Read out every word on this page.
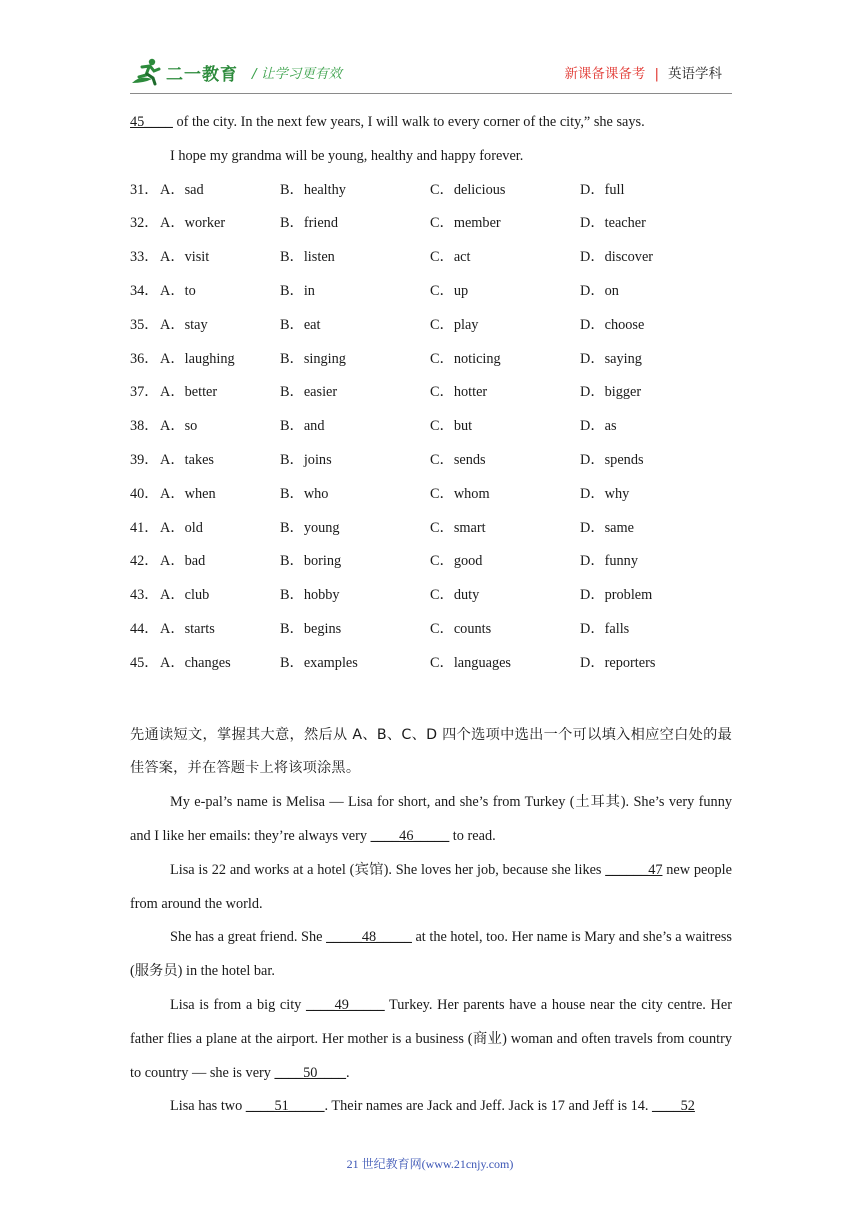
二一教育 / 让学习更有效	新课备课备考 | 英语学科
45____ of the city. In the next few years, I will walk to every corner of the city,” she says.
I hope my grandma will be young, healthy and happy forever.
31． A．sad	B．healthy	C．delicious	D．full
32． A．worker	B．friend	C．member	D．teacher
33． A．visit	B．listen	C．act	D．discover
34． A．to	B．in	C．up	D．on
35． A．stay	B．eat	C．play	D．choose
36． A．laughing	B．singing	C．noticing	D．saying
37． A．better	B．easier	C．hotter	D．bigger
38． A．so	B．and	C．but	D．as
39． A．takes	B．joins	C．sends	D．spends
40． A．when	B．who	C．whom	D．why
41． A．old	B．young	C．smart	D．same
42． A．bad	B．boring	C．good	D．funny
43． A．club	B．hobby	C．duty	D．problem
44． A．starts	B．begins	C．counts	D．falls
45． A．changes	B．examples	C．languages	D．reporters
先通读短文，掌握其大意，然后从 A、B、C、D 四个选项中选出一个可以填入相应空白处的最佳答案，并在答题卡上将该项涂黑。
My e-pal’s name is Melisa — Lisa for short, and she’s from Turkey (土耳其). She’s very funny and I like her emails: they’re always very ____46_____ to read.
Lisa is 22 and works at a hotel (宾馆). She loves her job, because she likes ______47 new people from around the world.
She has a great friend. She _____48_____ at the hotel, too. Her name is Mary and she’s a waitress (服务员) in the hotel bar.
Lisa is from a big city ____49_____ Turkey. Her parents have a house near the city centre. Her father flies a plane at the airport. Her mother is a business (商业) woman and often travels from country to country — she is very ____50____.
Lisa has two ____51_____. Their names are Jack and Jeff. Jack is 17 and Jeff is 14. ____52
21 世纪教育网(www.21cnjy.com)
